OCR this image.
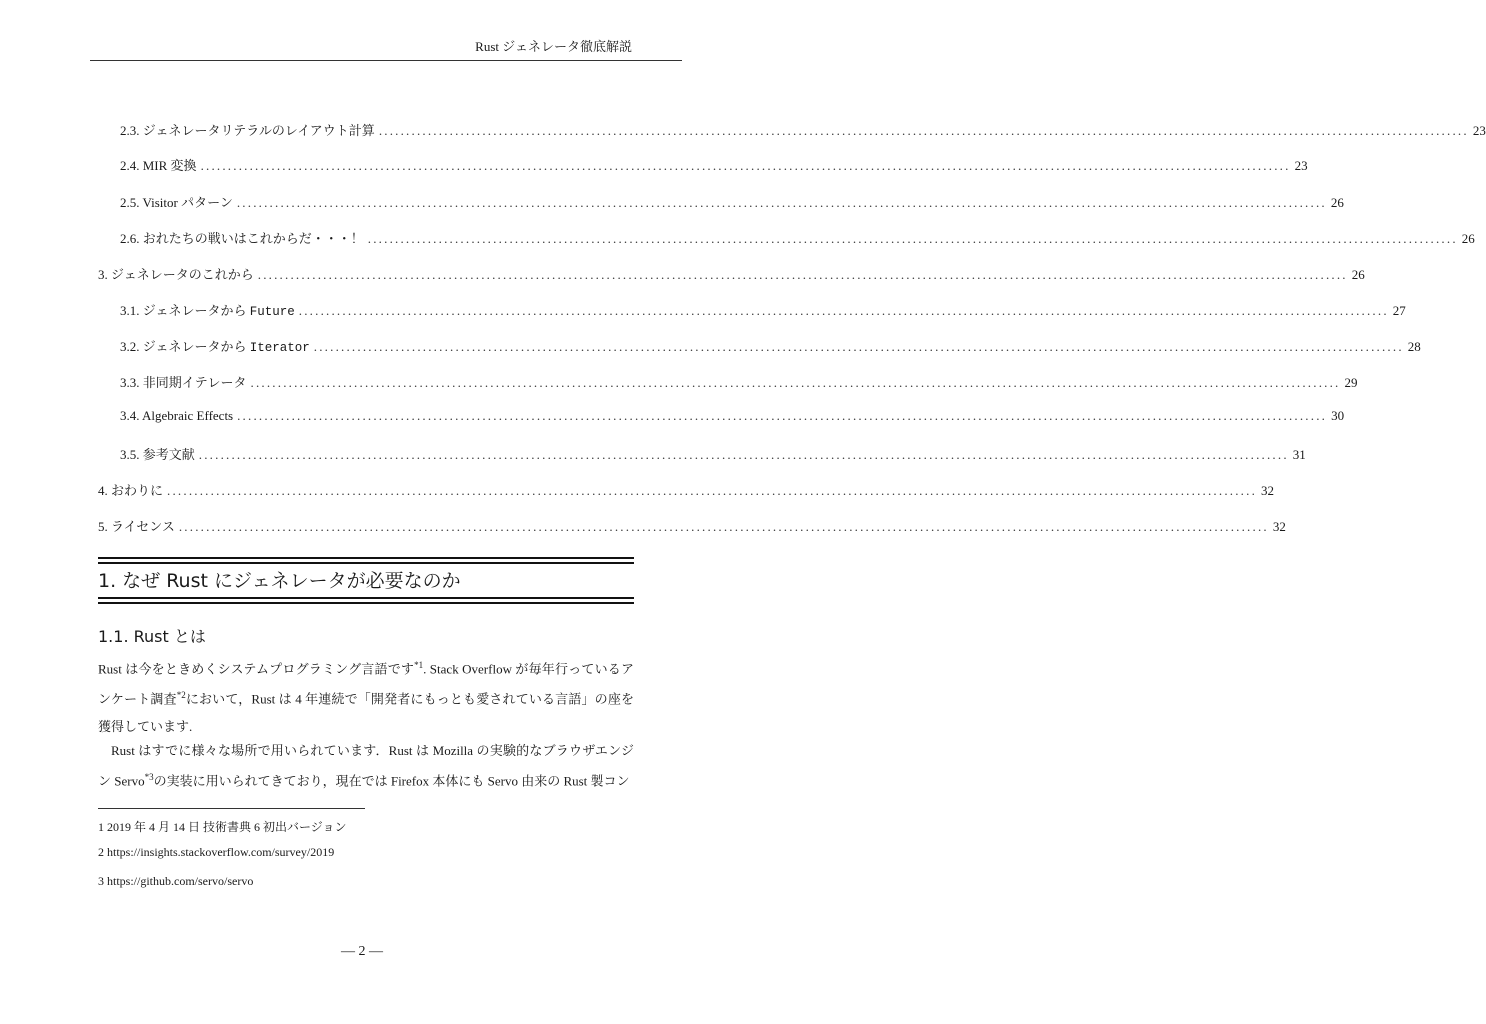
Rust ジェネレータ徹底解説
2.3. ジェネレータリテラルのレイアウト計算 ........................................................................................................................................................................................................ 23
2.4. MIR 変換 ........................................................................................................................................................................................................ 23
2.5. Visitor パターン ........................................................................................................................................................................................................ 26
2.6. おれたちの戦いはこれからだ・・・！ ........................................................................................................................................................................................................ 26
3. ジェネレータのこれから ........................................................................................................................................................................................................ 26
3.1. ジェネレータから Future ........................................................................................................................................................................................................ 27
3.2. ジェネレータから Iterator ........................................................................................................................................................................................................ 28
3.3. 非同期イテレータ ........................................................................................................................................................................................................ 29
3.4. Algebraic Effects ........................................................................................................................................................................................................ 30
3.5. 参考文献 ........................................................................................................................................................................................................ 31
4. おわりに ........................................................................................................................................................................................................ 32
5. ライセンス ........................................................................................................................................................................................................ 32
1. なぜ Rust にジェネレータが必要なのか
1.1. Rust とは
Rust は今をときめくシステムプログラミング言語です$^{*1}$. Stack Overflow が毎年行っているアンケート調査$^{*2}$において，Rust は 4 年連続で「開発者にもっとも愛されている言語」の座を獲得しています.
Rust はすでに様々な場所で用いられています．Rust は Mozilla の実験的なブラウザエンジン Servo$^{*3}$の実装に用いられてきており，現在では Firefox 本体にも Servo 由来の Rust 製コン
1 2019 年 4 月 14 日 技術書典 6 初出バージョン
2 https://insights.stackoverflow.com/survey/2019
3 https://github.com/servo/servo
— 2 —
